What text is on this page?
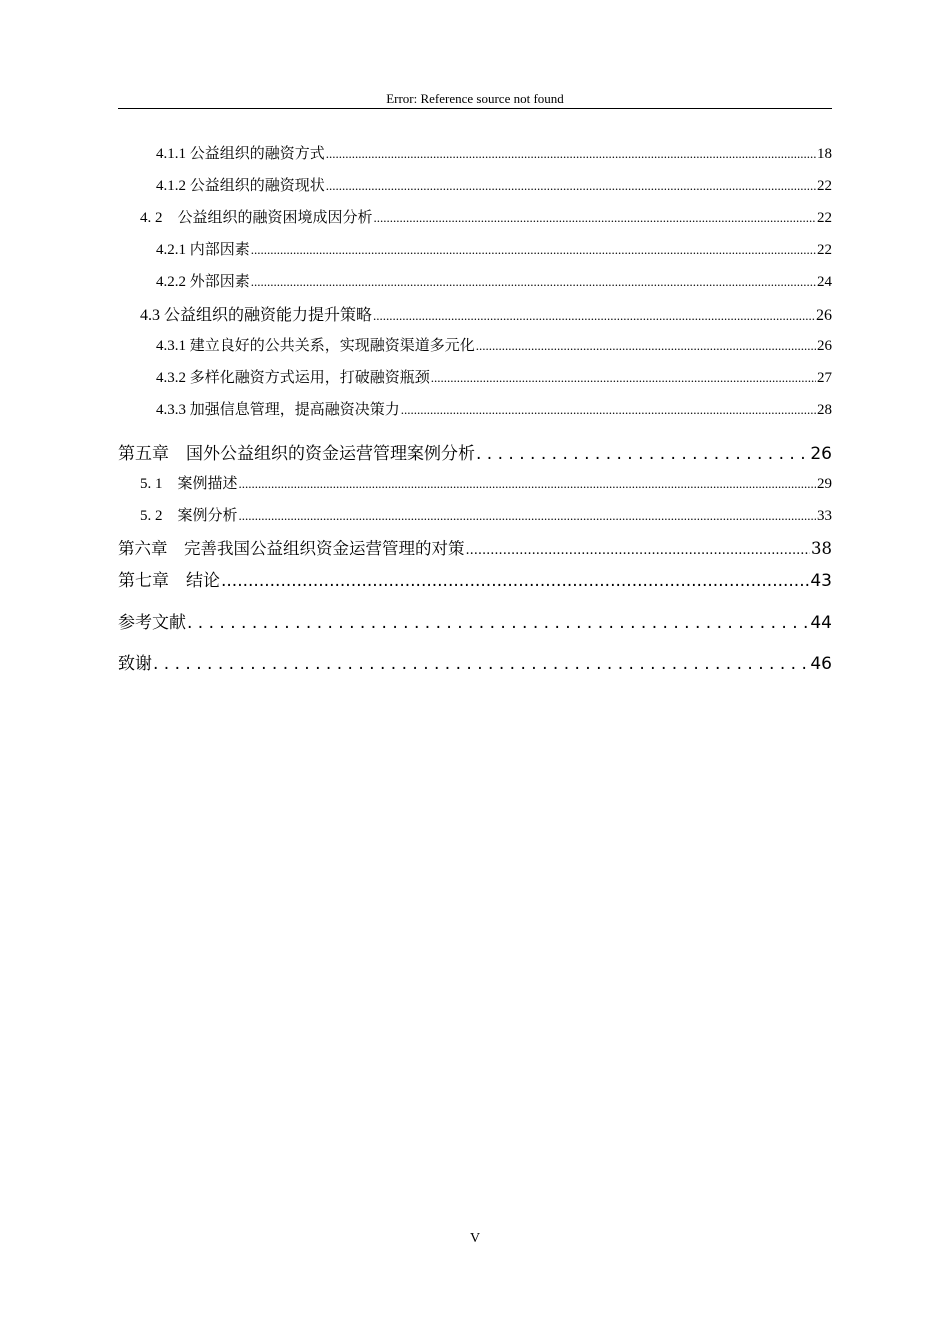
Error: Reference source not found
4.1.1 公益组织的融资方式 .....	18
4.1.2 公益组织的融资现状 .....	22
4. 2　公益组织的融资困境成因分析 .....	22
4.2.1 内部因素 .....	22
4.2.2 外部因素 .....	24
4.3 公益组织的融资能力提升策略 .....	26
4.3.1 建立良好的公共关系，实现融资渠道多元化 .....	26
4.3.2 多样化融资方式运用，打破融资瓶颈 .....	27
4.3.3 加强信息管理，提高融资决策力 .....	28
第五章　国外公益组织的资金运营管理案例分析 . . .	26
5. 1　案例描述 .....	29
5. 2　案例分析 .....	33
第六章　完善我国公益组织资金运营管理的对策 .....	38
第七章　结论 .....	43
参考文献 . . .	44
致谢 . . .	46
V
